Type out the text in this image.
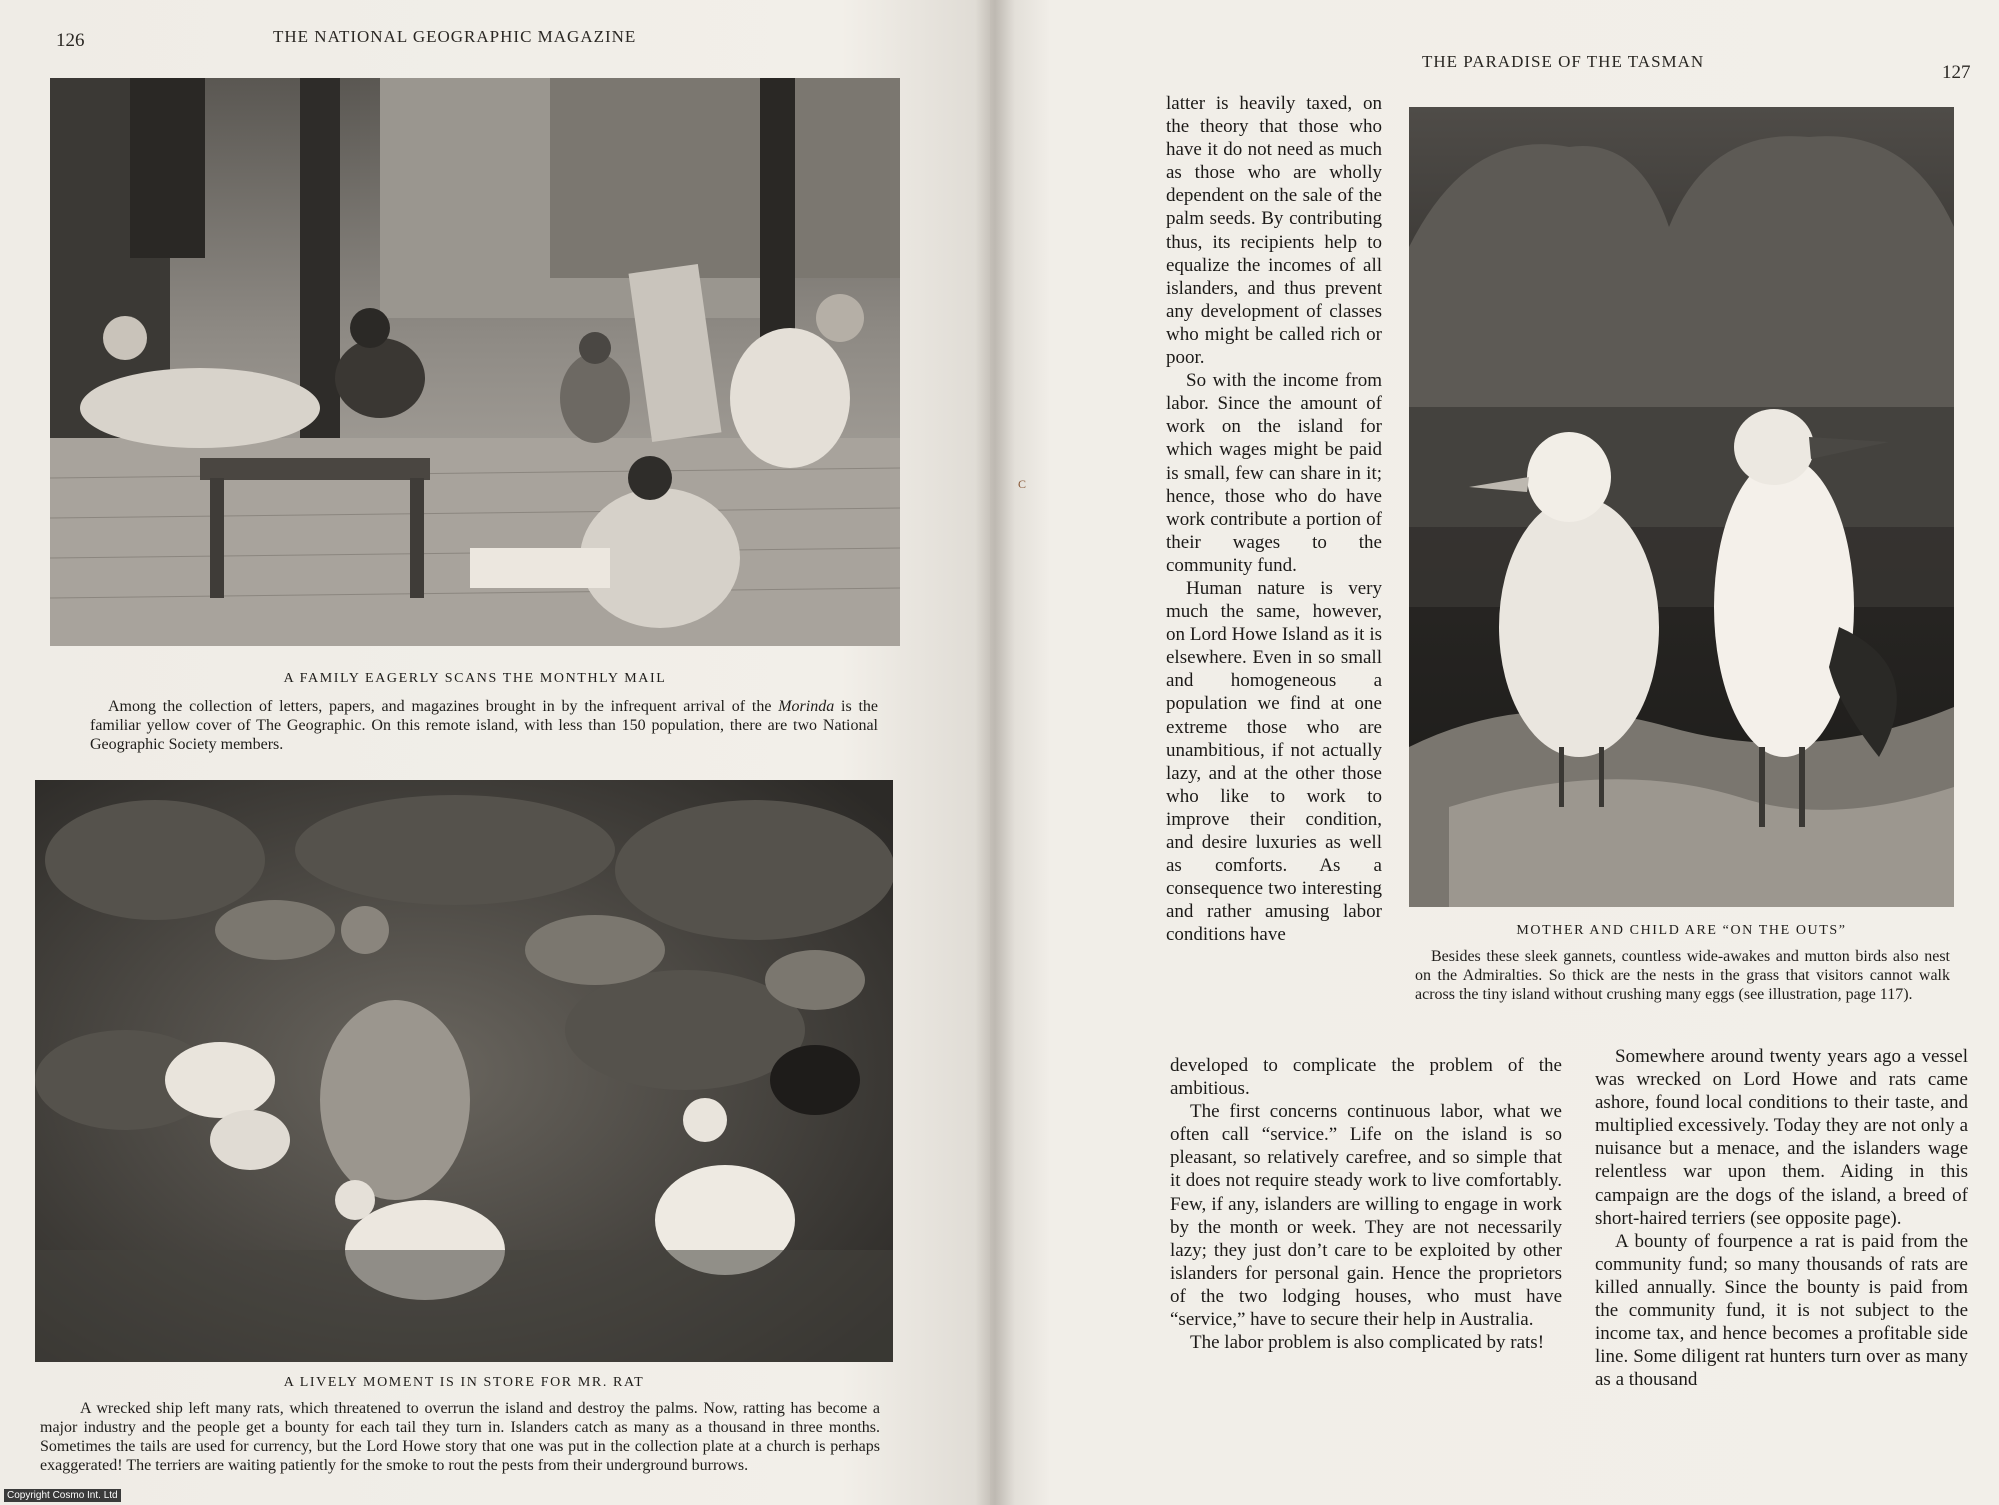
126	THE NATIONAL GEOGRAPHIC MAGAZINE
A FAMILY EAGERLY SCANS THE MONTHLY MAIL

Among the collection of letters, papers, and magazines brought in by the infrequent arrival of the Morinda is the familiar yellow cover of The Geographic. On this remote island, with less than 150 population, there are two National Geographic Society members.

A LIVELY MOMENT IS IN STORE FOR MR. RAT

A wrecked ship left many rats, which threatened to overrun the island and destroy the palms. Now, ratting has become a major industry and the people get a bounty for each tail they turn in. Islanders catch as many as a thousand in three months. Sometimes the tails are used for currency, but the Lord Howe story that one was put in the collection plate at a church is perhaps exaggerated! The terriers are waiting patiently for the smoke to rout the pests from their underground burrows.

Copyright Cosmo Int. Ltd
THE PARADISE OF THE TASMAN
127
C

latter is heavily taxed, on the theory that those who have it do not need as much as those who are wholly dependent on the sale of the palm seeds. By contributing thus, its recipients help to equalize the incomes of all islanders, and thus prevent any development of classes who might be called rich or poor.

So with the income from labor. Since the amount of work on the island for which wages might be paid is small, few can share in it; hence, those who do have work contribute a portion of their wages to the community fund.

Human nature is very much the same, however, on Lord Howe Island as it is elsewhere. Even in so small and homogeneous a population we find at one extreme those who are unambitious, if not actually lazy, and at the other those who like to work to improve their condition, and desire luxuries as well as comforts. As a consequence two interesting and rather amusing labor conditions have	MOTHER AND CHILD ARE “ON THE OUTS”

Besides these sleek gannets, countless wide-awakes and mutton birds also nest on the Admiralties. So thick are the nests in the grass that visitors cannot walk across the tiny island without crushing many eggs (see illustration, page 117).

developed to complicate the problem of the ambitious.

The first concerns continuous labor, what we often call “service.” Life on the island is so pleasant, so relatively carefree, and so simple that it does not require steady work to live comfortably. Few, if any, islanders are willing to engage in work by the month or week. They are not necessarily lazy; they just don’t care to be exploited by other islanders for personal gain. Hence the proprietors of the two lodging houses, who must have “service,” have to secure their help in Australia.

The labor problem is also complicated by rats!

Somewhere around twenty years ago a vessel was wrecked on Lord Howe and rats came ashore, found local conditions to their taste, and multiplied excessively. Today they are not only a nuisance but a menace, and the islanders wage relentless war upon them. Aiding in this campaign are the dogs of the island, a breed of short-haired terriers (see opposite page).

A bounty of fourpence a rat is paid from the community fund; so many thousands of rats are killed annually. Since the bounty is paid from the community fund, it is not subject to the income tax, and hence becomes a profitable side line. Some diligent rat hunters turn over as many as a thousand
